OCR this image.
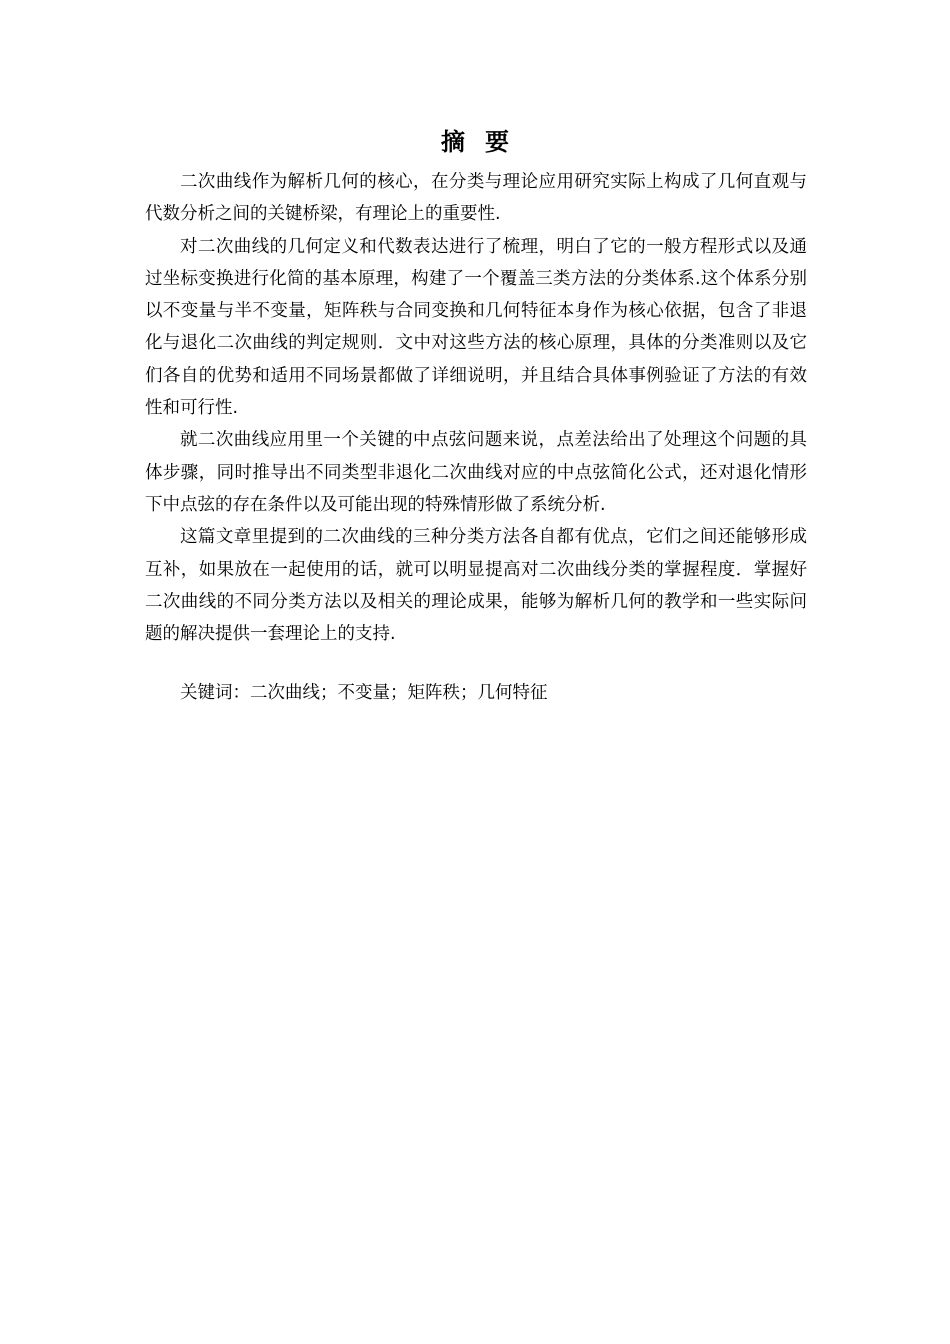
摘要

二次曲线作为解析几何的核心，在分类与理论应用研究实际上构成了几何直观与代数分析之间的关键桥梁，有理论上的重要性.

对二次曲线的几何定义和代数表达进行了梳理，明白了它的一般方程形式以及通过坐标变换进行化简的基本原理，构建了一个覆盖三类方法的分类体系.这个体系分别以不变量与半不变量，矩阵秩与合同变换和几何特征本身作为核心依据，包含了非退化与退化二次曲线的判定规则．文中对这些方法的核心原理，具体的分类准则以及它们各自的优势和适用不同场景都做了详细说明，并且结合具体事例验证了方法的有效性和可行性.

就二次曲线应用里一个关键的中点弦问题来说，点差法给出了处理这个问题的具体步骤，同时推导出不同类型非退化二次曲线对应的中点弦简化公式，还对退化情形下中点弦的存在条件以及可能出现的特殊情形做了系统分析.

这篇文章里提到的二次曲线的三种分类方法各自都有优点，它们之间还能够形成互补，如果放在一起使用的话，就可以明显提高对二次曲线分类的掌握程度．掌握好二次曲线的不同分类方法以及相关的理论成果，能够为解析几何的教学和一些实际问题的解决提供一套理论上的支持.

关键词：二次曲线；不变量；矩阵秩；几何特征
